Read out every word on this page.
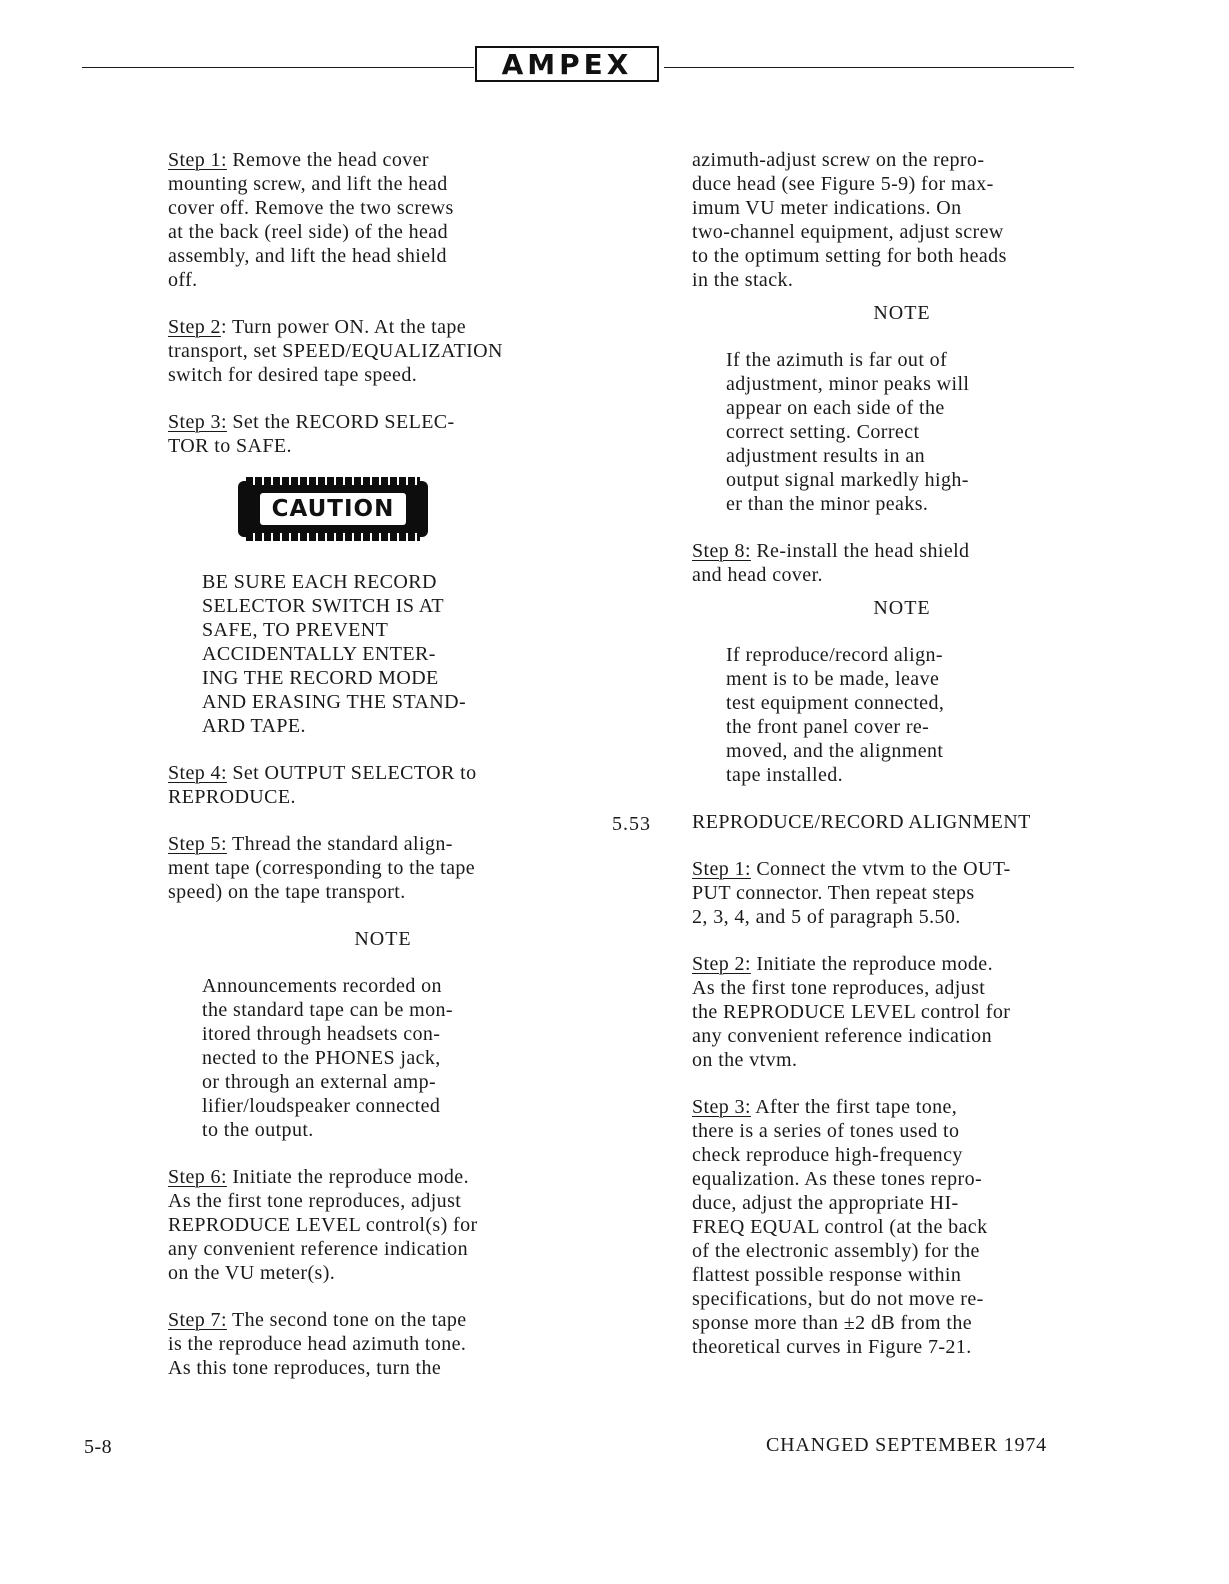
AMPEX
Step 1: Remove the head cover
mounting screw, and lift the head
cover off. Remove the two screws
at the back (reel side) of the head
assembly, and lift the head shield
off.
Step 2: Turn power ON. At the tape
transport, set SPEED/EQUALIZATION
switch for desired tape speed.
Step 3: Set the RECORD SELEC-
TOR to SAFE.
CAUTION
BE SURE EACH RECORD
SELECTOR SWITCH IS AT
SAFE, TO PREVENT
ACCIDENTALLY ENTER-
ING THE RECORD MODE
AND ERASING THE STAND-
ARD TAPE.
Step 4: Set OUTPUT SELECTOR to
REPRODUCE.
Step 5: Thread the standard align-
ment tape (corresponding to the tape
speed) on the tape transport.
NOTE
Announcements recorded on
the standard tape can be mon-
itored through headsets con-
nected to the PHONES jack,
or through an external amp-
lifier/loudspeaker connected
to the output.
Step 6: Initiate the reproduce mode.
As the first tone reproduces, adjust
REPRODUCE LEVEL control(s) for
any convenient reference indication
on the VU meter(s).
Step 7: The second tone on the tape
is the reproduce head azimuth tone.
As this tone reproduces, turn the
5.53
azimuth-adjust screw on the repro-
duce head (see Figure 5-9) for max-
imum VU meter indications. On
two-channel equipment, adjust screw
to the optimum setting for both heads
in the stack.
NOTE
If the azimuth is far out of
adjustment, minor peaks will
appear on each side of the
correct setting. Correct
adjustment results in an
output signal markedly high-
er than the minor peaks.
Step 8: Re-install the head shield
and head cover.
NOTE
If reproduce/record align-
ment is to be made, leave
test equipment connected,
the front panel cover re-
moved, and the alignment
tape installed.
REPRODUCE/RECORD ALIGNMENT
Step 1: Connect the vtvm to the OUT-
PUT connector. Then repeat steps
2, 3, 4, and 5 of paragraph 5.50.
Step 2: Initiate the reproduce mode.
As the first tone reproduces, adjust
the REPRODUCE LEVEL control for
any convenient reference indication
on the vtvm.
Step 3: After the first tape tone,
there is a series of tones used to
check reproduce high-frequency
equalization. As these tones repro-
duce, adjust the appropriate HI-
FREQ EQUAL control (at the back
of the electronic assembly) for the
flattest possible response within
specifications, but do not move re-
sponse more than ±2 dB from the
theoretical curves in Figure 7-21.
5-8	CHANGED SEPTEMBER 1974
